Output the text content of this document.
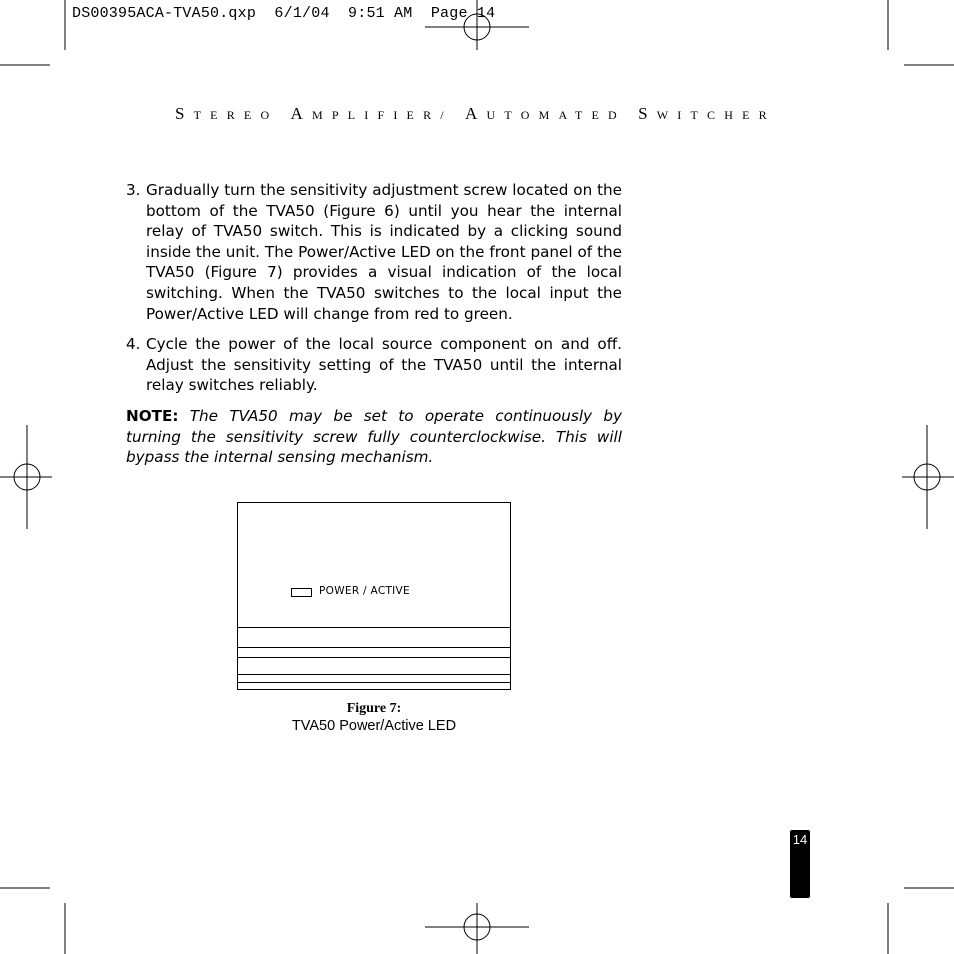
DS00395ACA-TVA50.qxp  6/1/04  9:51 AM  Page 14

STEREO AMPLIFIER/ AUTOMATED SWITCHER

3. Gradually turn the sensitivity adjustment screw located on the bottom of the TVA50 (Figure 6) until you hear the internal relay of TVA50 switch. This is indicated by a clicking sound inside the unit. The Power/Active LED on the front panel of the TVA50 (Figure 7) provides a visual indication of the local switching. When the TVA50 switches to the local input the Power/Active LED will change from red to green.

4. Cycle the power of the local source component on and off. Adjust the sensitivity setting of the TVA50 until the internal relay switches reliably.

NOTE: The TVA50 may be set to operate continuously by turning the sensitivity screw fully counterclockwise. This will bypass the internal sensing mechanism.

POWER / ACTIVE
Figure 7:
TVA50 Power/Active LED
14
